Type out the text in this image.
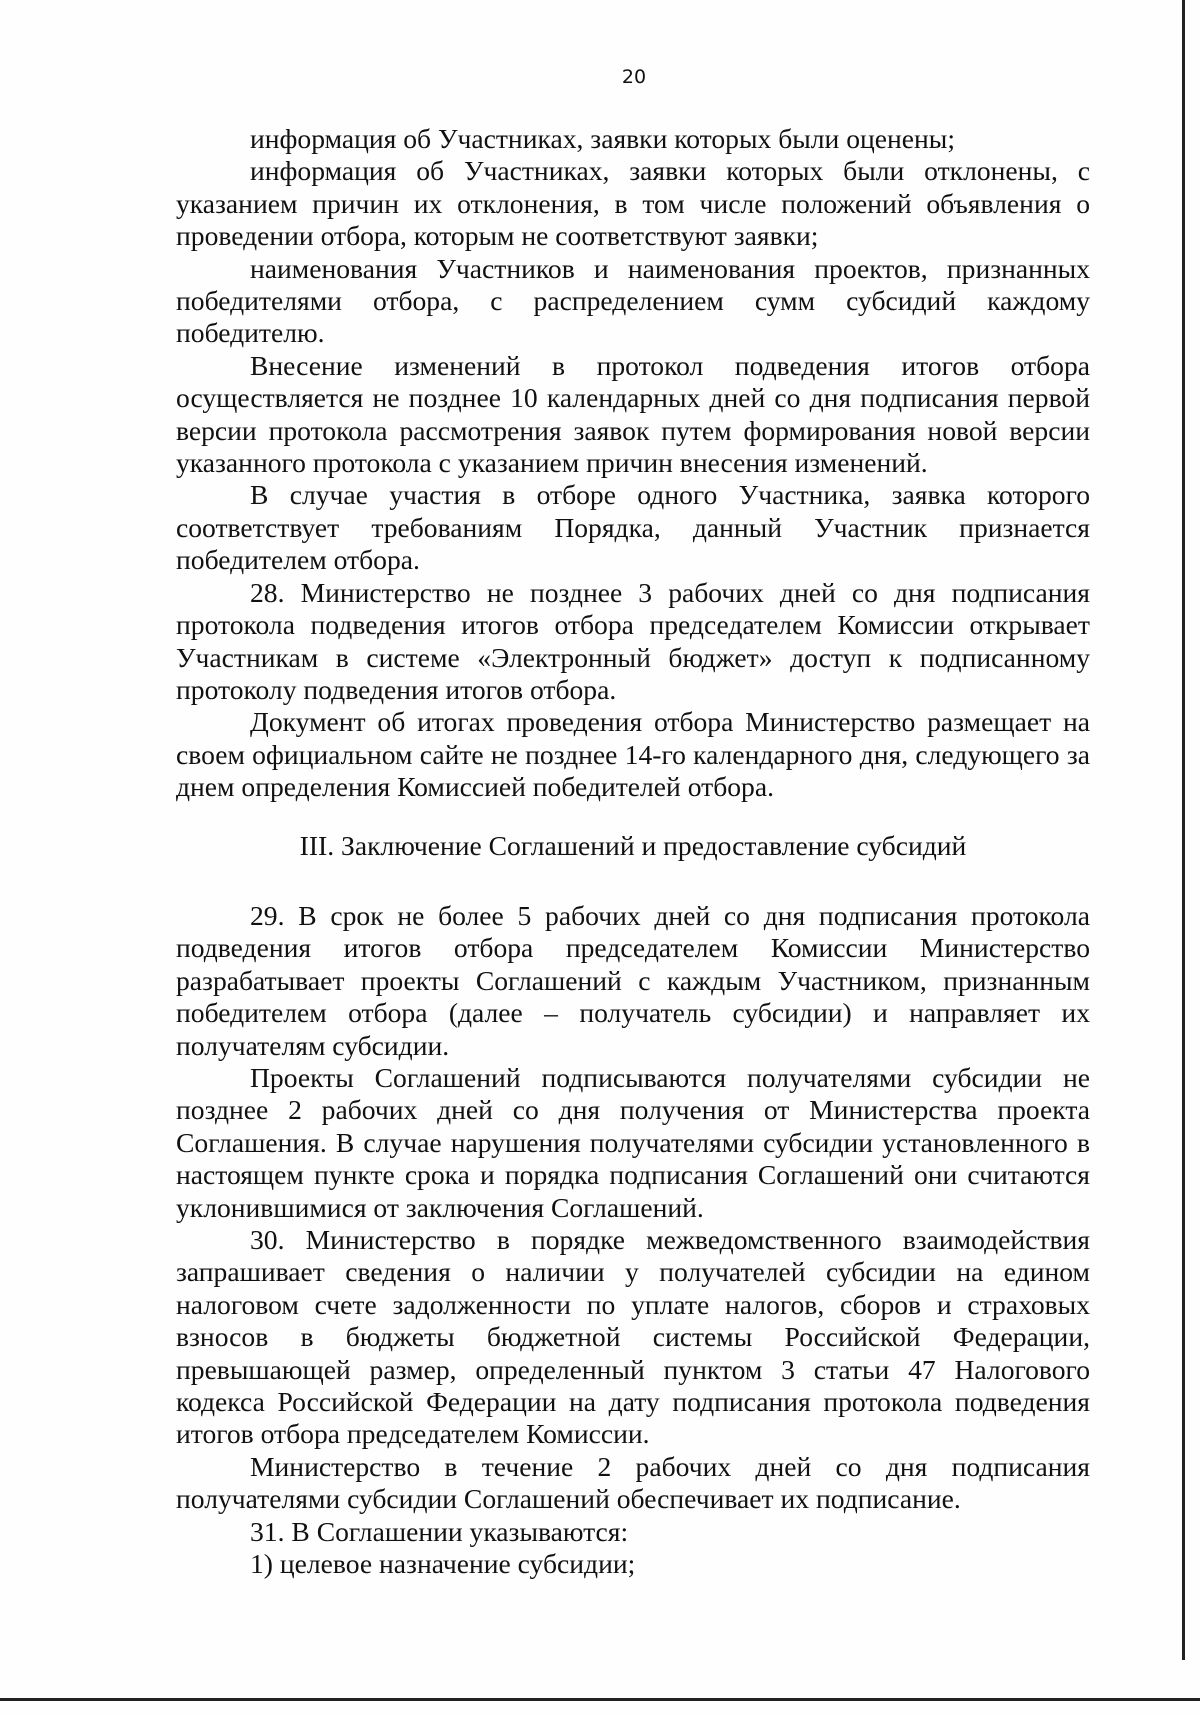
20

информация об Участниках, заявки которых были оценены;

информация об Участниках, заявки которых были отклонены, с указанием причин их отклонения, в том числе положений объявления о проведении отбора, которым не соответствуют заявки;

наименования Участников и наименования проектов, признанных победителями отбора, с распределением сумм субсидий каждому победителю.

Внесение изменений в протокол подведения итогов отбора осуществляется не позднее 10 календарных дней со дня подписания первой версии протокола рассмотрения заявок путем формирования новой версии указанного протокола с указанием причин внесения изменений.

В случае участия в отборе одного Участника, заявка которого соответствует требованиям Порядка, данный Участник признается победителем отбора.

28. Министерство не позднее 3 рабочих дней со дня подписания протокола подведения итогов отбора председателем Комиссии открывает Участникам в системе «Электронный бюджет» доступ к подписанному протоколу подведения итогов отбора.

Документ об итогах проведения отбора Министерство размещает на своем официальном сайте не позднее 14-го календарного дня, следующего за днем определения Комиссией победителей отбора.

III. Заключение Соглашений и предоставление субсидий

29. В срок не более 5 рабочих дней со дня подписания протокола подведения итогов отбора председателем Комиссии Министерство разрабатывает проекты Соглашений с каждым Участником, признанным победителем отбора (далее – получатель субсидии) и направляет их получателям субсидии.

Проекты Соглашений подписываются получателями субсидии не позднее 2 рабочих дней со дня получения от Министерства проекта Соглашения. В случае нарушения получателями субсидии установленного в настоящем пункте срока и порядка подписания Соглашений они считаются уклонившимися от заключения Соглашений.

30. Министерство в порядке межведомственного взаимодействия запрашивает сведения о наличии у получателей субсидии на едином налоговом счете задолженности по уплате налогов, сборов и страховых взносов в бюджеты бюджетной системы Российской Федерации, превышающей размер, определенный пунктом 3 статьи 47 Налогового кодекса Российской Федерации на дату подписания протокола подведения итогов отбора председателем Комиссии.

Министерство в течение 2 рабочих дней со дня подписания получателями субсидии Соглашений обеспечивает их подписание.

31. В Соглашении указываются:

1) целевое назначение субсидии;
